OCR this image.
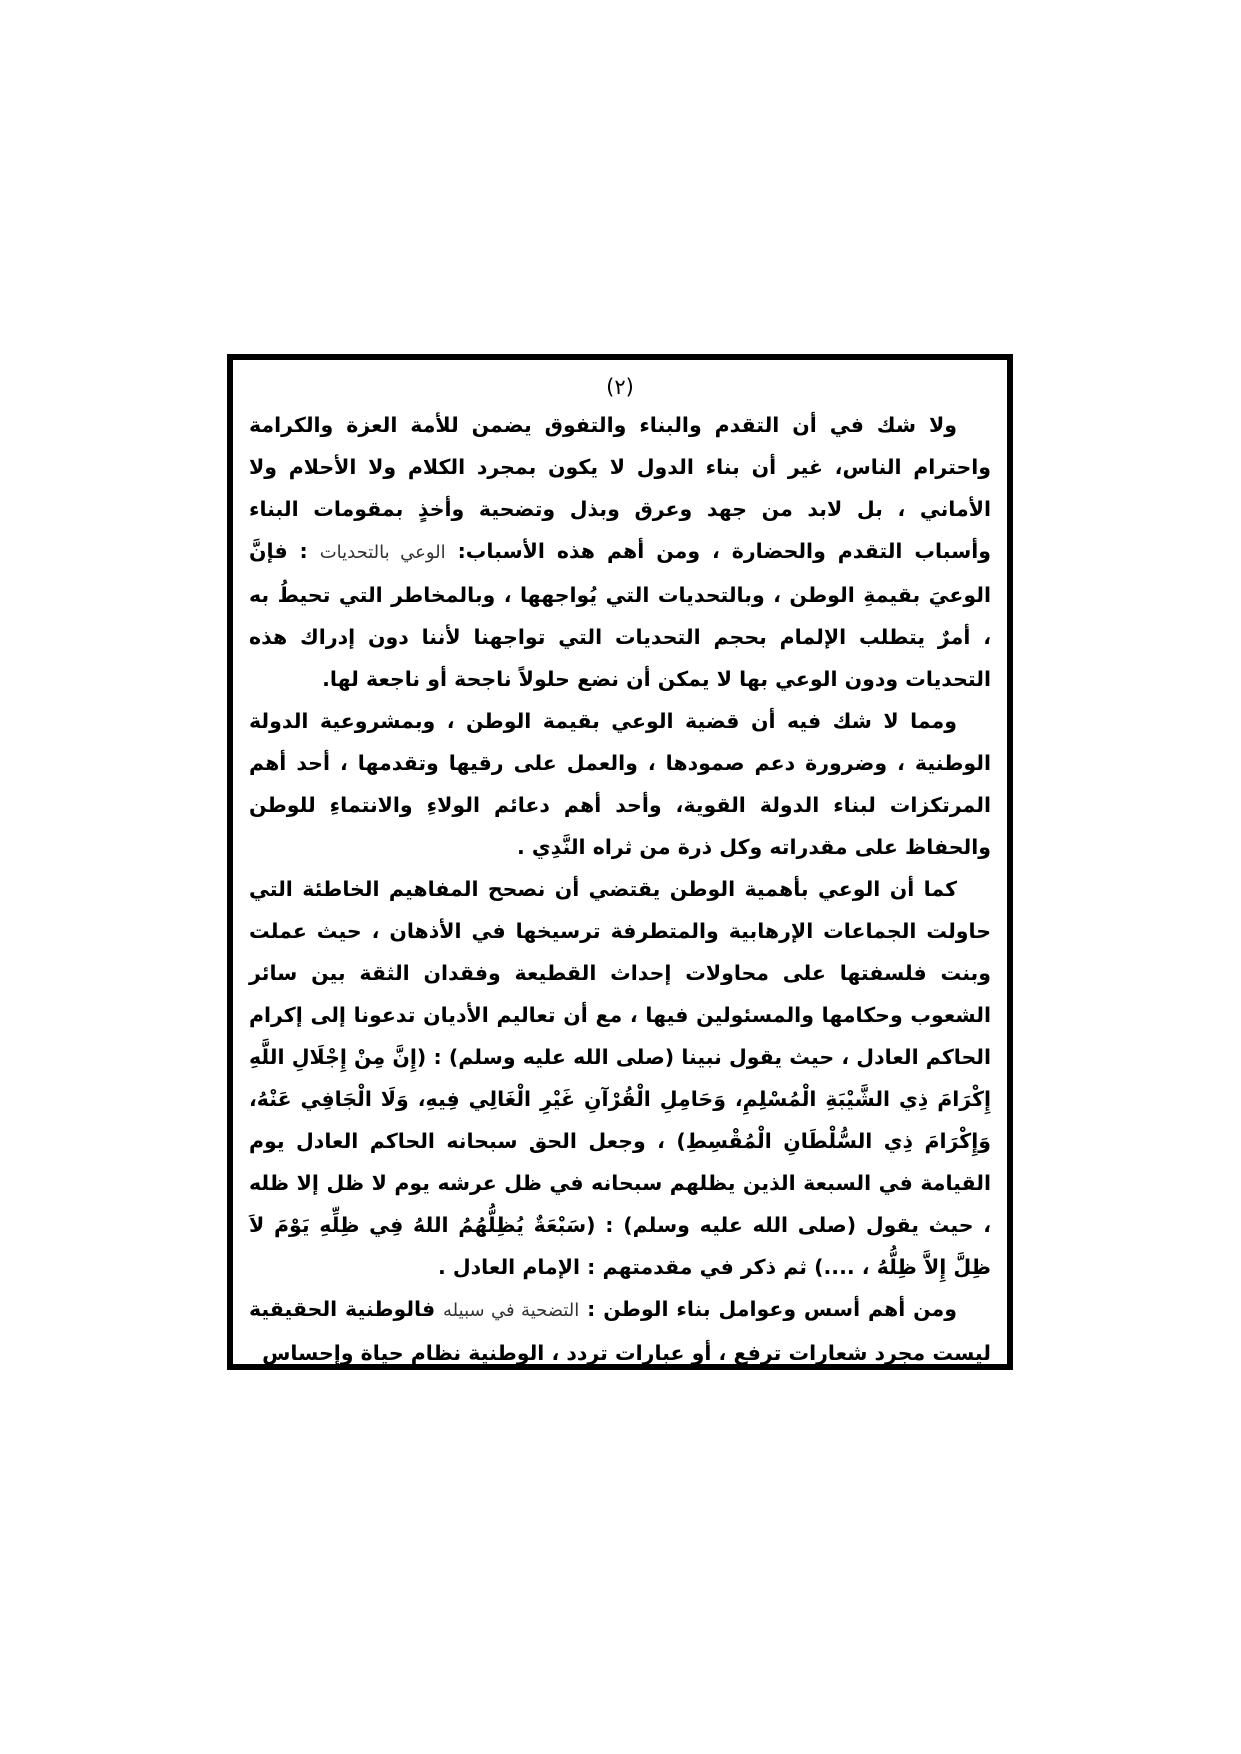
(٢)

ولا شك في أن التقدم والبناء والتفوق يضمن للأمة العزة والكرامة واحترام الناس، غير أن بناء الدول لا يكون بمجرد الكلام ولا الأحلام ولا الأماني ، بل لابد من جهد وعرق وبذل وتضحية وأخذٍ بمقومات البناء وأسباب التقدم والحضارة ، ومن أهم هذه الأسباب: الوعي بالتحديات : فإنَّ الوعيَ بقيمةِ الوطن ، وبالتحديات التي يُواجهها ، وبالمخاطر التي تحيطُ به ، أمرٌ يتطلب الإلمام بحجم التحديات التي تواجهنا لأننا دون إدراك هذه التحديات ودون الوعي بها لا يمكن أن نضع حلولاً ناجحة أو ناجعة لها.

ومما لا شك فيه أن قضية الوعي بقيمة الوطن ، وبمشروعية الدولة الوطنية ، وضرورة دعم صمودها ، والعمل على رقيها وتقدمها ، أحد أهم المرتكزات لبناء الدولة القوية، وأحد أهم دعائم الولاءِ والانتماءِ للوطن والحفاظ على مقدراته وكل ذرة من ثراه النَّدِي .

كما أن الوعي بأهمية الوطن يقتضي أن نصحح المفاهيم الخاطئة التي حاولت الجماعات الإرهابية والمتطرفة ترسيخها في الأذهان ، حيث عملت وبنت فلسفتها على محاولات إحداث القطيعة وفقدان الثقة بين سائر الشعوب وحكامها والمسئولين فيها ، مع أن تعاليم الأديان تدعونا إلى إكرام الحاكم العادل ، حيث يقول نبينا (صلى الله عليه وسلم) : (إِنَّ مِنْ إِجْلَالِ اللَّهِ إِكْرَامَ ذِي الشَّيْبَةِ الْمُسْلِمِ، وَحَامِلِ الْقُرْآنِ غَيْرِ الْغَالِي فِيهِ، وَلَا الْجَافِي عَنْهُ، وَإِكْرَامَ ذِي السُّلْطَانِ الْمُقْسِطِ) ، وجعل الحق سبحانه الحاكم العادل يوم القيامة في السبعة الذين يظلهم سبحانه في ظل عرشه يوم لا ظل إلا ظله ، حيث يقول (صلى الله عليه وسلم) : (سَبْعَةٌ يُظِلُّهُمُ اللهُ فِي ظِلِّهِ يَوْمَ لاَ ظِلَّ إِلاَّ ظِلُّهُ ، ....) ثم ذكر في مقدمتهم : الإمام العادل .

ومن أهم أسس وعوامل بناء الوطن : التضحية في سبيله فالوطنية الحقيقية ليست مجرد شعارات ترفع ، أو عبارات تردد ، الوطنية نظام حياة وإحساس
